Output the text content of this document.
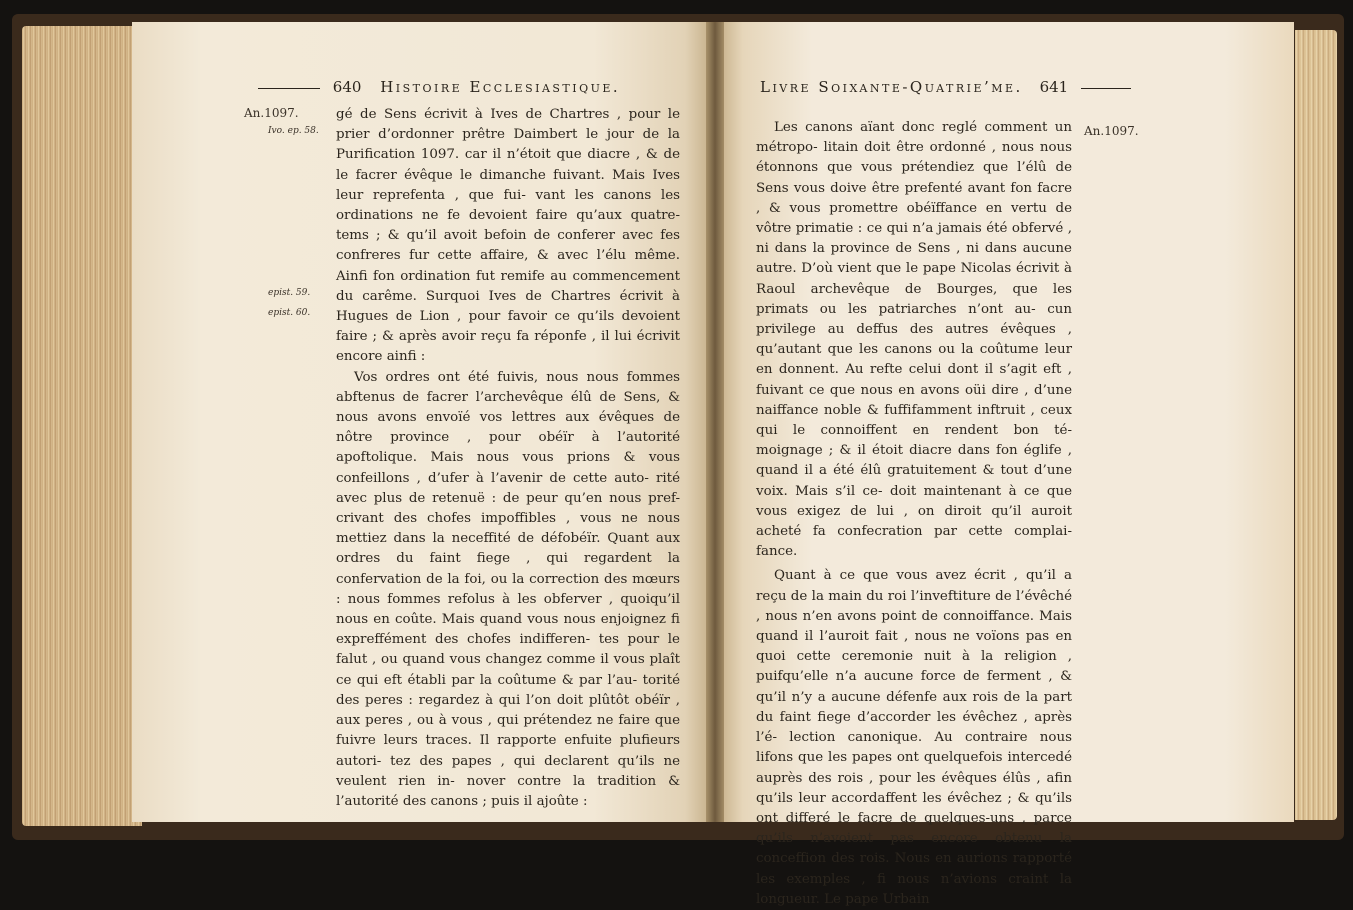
640 Histoire Ecclesiastique.
An.1097.
Ivo. ep. 58.
epist. 59.
epist. 60.

gé de Sens écrivit à Ives de Chartres , pour le prier d’ordonner prêtre Daimbert le jour de la Purification 1097. car il n’étoit que diacre , & de le facrer évêque le dimanche fuivant. Mais Ives leur reprefenta , que fui- vant les canons les ordinations ne fe devoient faire qu’aux quatre-tems ; & qu’il avoit befoin de conferer avec fes confreres fur cette affaire, & avec l’élu même. Ainfi fon ordination fut remife au commencement du carême. Surquoi Ives de Chartres écrivit à Hugues de Lion , pour favoir ce qu’ils devoient faire ; & après avoir reçu fa réponfe , il lui écrivit encore ainfi :

Vos ordres ont été fuivis, nous nous fommes abftenus de facrer l’archevêque élû de Sens, & nous avons envoïé vos lettres aux évêques de nôtre province , pour obéïr à l’autorité apoftolique. Mais nous vous prions & vous confeillons , d’ufer à l’avenir de cette auto- rité avec plus de retenuë : de peur qu’en nous pref- crivant des chofes impoffibles , vous ne nous mettiez dans la neceffité de défobéïr. Quant aux ordres du faint fiege , qui regardent la confervation de la foi, ou la correction des mœurs : nous fommes refolus à les obferver , quoiqu’il nous en coûte. Mais quand vous nous enjoignez fi expreffément des chofes indifferen- tes pour le falut , ou quand vous changez comme il vous plaît ce qui eft établi par la coûtume & par l’au- torité des peres : regardez à qui l’on doit plûtôt obéïr , aux peres , ou à vous , qui prétendez ne faire que fuivre leurs traces. Il rapporte enfuite plufieurs autori- tez des papes , qui declarent qu’ils ne veulent rien in- nover contre la tradition & l’autorité des canons ; puis il ajoûte :

Livre Soixante-Quatrie’me. 641
An.1097.

Les canons aïant donc reglé comment un métropo- litain doit être ordonné , nous nous étonnons que vous prétendiez que l’élû de Sens vous doive être prefenté avant fon facre , & vous promettre obéïffance en vertu de vôtre primatie : ce qui n’a jamais été obfervé , ni dans la province de Sens , ni dans aucune autre. D’où vient que le pape Nicolas écrivit à Raoul archevêque de Bourges, que les primats ou les patriarches n’ont au- cun privilege au deffus des autres évêques , qu’autant que les canons ou la coûtume leur en donnent. Au refte celui dont il s’agit eft , fuivant ce que nous en avons oüi dire , d’une naiffance noble & fuffifamment inftruit , ceux qui le connoiffent en rendent bon té- moignage ; & il étoit diacre dans fon églife , quand il a été élû gratuitement & tout d’une voix. Mais s’il ce- doit maintenant à ce que vous exigez de lui , on diroit qu’il auroit acheté fa confecration par cette complai- fance.

Quant à ce que vous avez écrit , qu’il a reçu de la main du roi l’inveftiture de l’évêché , nous n’en avons point de connoiffance. Mais quand il l’auroit fait , nous ne voïons pas en quoi cette ceremonie nuit à la religion , puifqu’elle n’a aucune force de ferment , & qu’il n’y a aucune défenfe aux rois de la part du faint fiege d’accorder les évêchez , après l’é- lection canonique. Au contraire nous lifons que les papes ont quelquefois intercedé auprès des rois , pour les évêques élûs , afin qu’ils leur accordaffent les évêchez ; & qu’ils ont differé le facre de quelques-uns , parce qu’ils n’avoient pas encore obtenu la conceffion des rois. Nous en aurions rapporté les exemples , fi nous n’avions craint la longueur. Le pape Urbain
